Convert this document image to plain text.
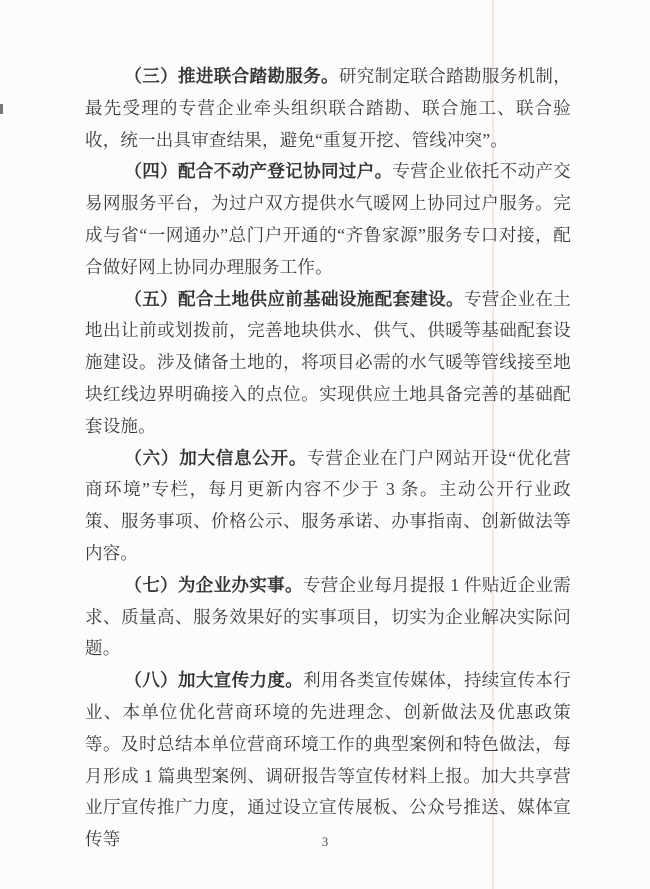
（三）推进联合踏勘服务。研究制定联合踏勘服务机制，最先受理的专营企业牵头组织联合踏勘、联合施工、联合验收，统一出具审查结果，避免“重复开挖、管线冲突”。

（四）配合不动产登记协同过户。专营企业依托不动产交易网服务平台，为过户双方提供水气暖网上协同过户服务。完成与省“一网通办”总门户开通的“齐鲁家源”服务专口对接，配合做好网上协同办理服务工作。

（五）配合土地供应前基础设施配套建设。专营企业在土地出让前或划拨前，完善地块供水、供气、供暖等基础配套设施建设。涉及储备土地的，将项目必需的水气暖等管线接至地块红线边界明确接入的点位。实现供应土地具备完善的基础配套设施。

（六）加大信息公开。专营企业在门户网站开设“优化营商环境”专栏，每月更新内容不少于 3 条。主动公开行业政策、服务事项、价格公示、服务承诺、办事指南、创新做法等内容。

（七）为企业办实事。专营企业每月提报 1 件贴近企业需求、质量高、服务效果好的实事项目，切实为企业解决实际问题。

（八）加大宣传力度。利用各类宣传媒体，持续宣传本行业、本单位优化营商环境的先进理念、创新做法及优惠政策等。及时总结本单位营商环境工作的典型案例和特色做法，每月形成 1 篇典型案例、调研报告等宣传材料上报。加大共享营业厅宣传推广力度，通过设立宣传展板、公众号推送、媒体宣传等	3
